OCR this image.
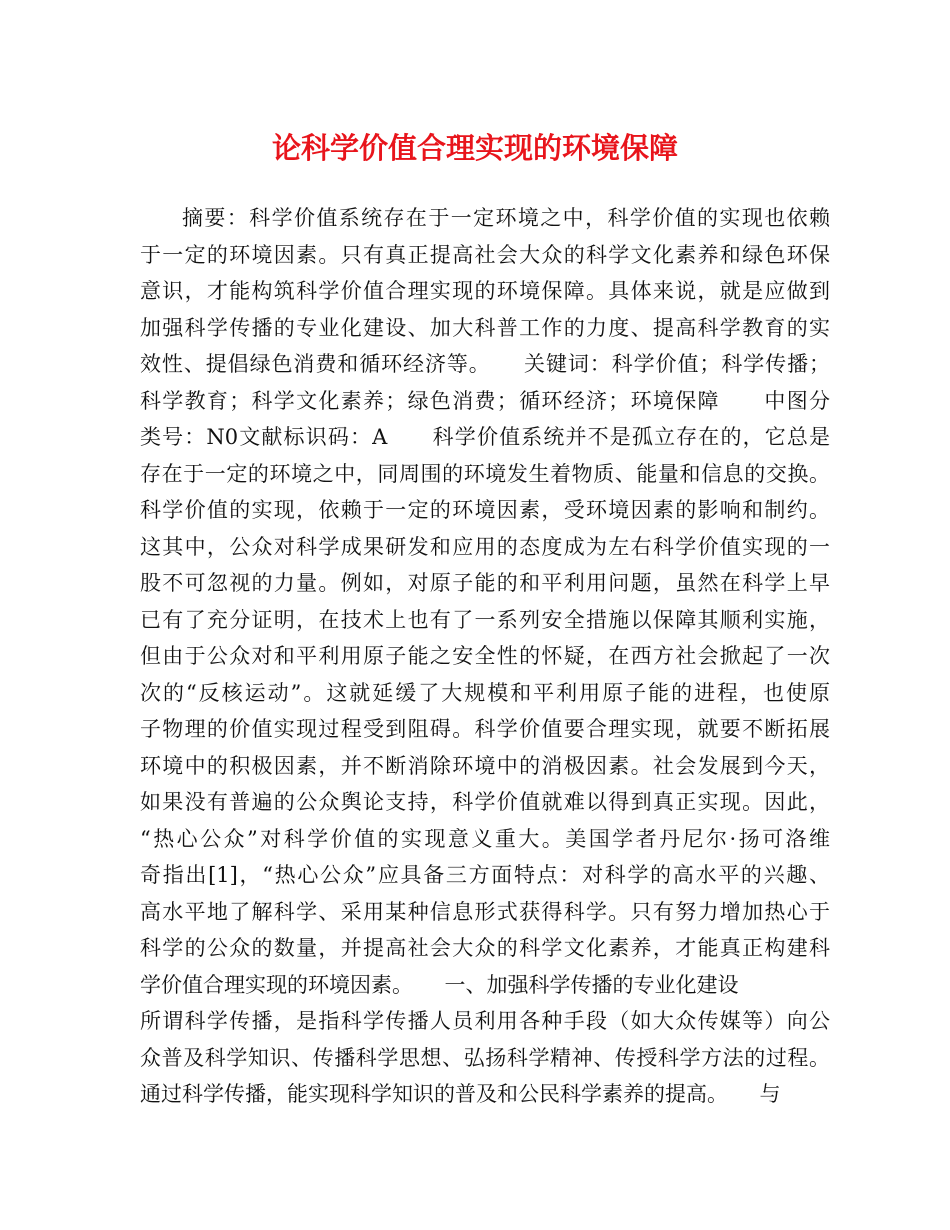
论科学价值合理实现的环境保障
摘要：科学价值系统存在于一定环境之中，科学价值的实现也依赖
于一定的环境因素。只有真正提高社会大众的科学文化素养和绿色环保
意识，才能构筑科学价值合理实现的环境保障。具体来说，就是应做到
加强科学传播的专业化建设、加大科普工作的力度、提高科学教育的实
效性、提倡绿色消费和循环经济等。　　关键词：科学价值；科学传播；
科学教育；科学文化素养；绿色消费；循环经济；环境保障　　中图分
类号：N0文献标识码：A　　科学价值系统并不是孤立存在的，它总是
存在于一定的环境之中，同周围的环境发生着物质、能量和信息的交换。
科学价值的实现，依赖于一定的环境因素，受环境因素的影响和制约。
这其中，公众对科学成果研发和应用的态度成为左右科学价值实现的一
股不可忽视的力量。例如，对原子能的和平利用问题，虽然在科学上早
已有了充分证明，在技术上也有了一系列安全措施以保障其顺利实施，
但由于公众对和平利用原子能之安全性的怀疑，在西方社会掀起了一次
次的“反核运动”。这就延缓了大规模和平利用原子能的进程，也使原
子物理的价值实现过程受到阻碍。科学价值要合理实现，就要不断拓展
环境中的积极因素，并不断消除环境中的消极因素。社会发展到今天，
如果没有普遍的公众舆论支持，科学价值就难以得到真正实现。因此，
“热心公众”对科学价值的实现意义重大。美国学者丹尼尔·扬可洛维
奇指出[1]，“热心公众”应具备三方面特点：对科学的高水平的兴趣、
高水平地了解科学、采用某种信息形式获得科学。只有努力增加热心于
科学的公众的数量，并提高社会大众的科学文化素养，才能真正构建科
学价值合理实现的环境因素。　　一、加强科学传播的专业化建设
所谓科学传播，是指科学传播人员利用各种手段（如大众传媒等）向公
众普及科学知识、传播科学思想、弘扬科学精神、传授科学方法的过程。
通过科学传播，能实现科学知识的普及和公民科学素养的提高。　　与
